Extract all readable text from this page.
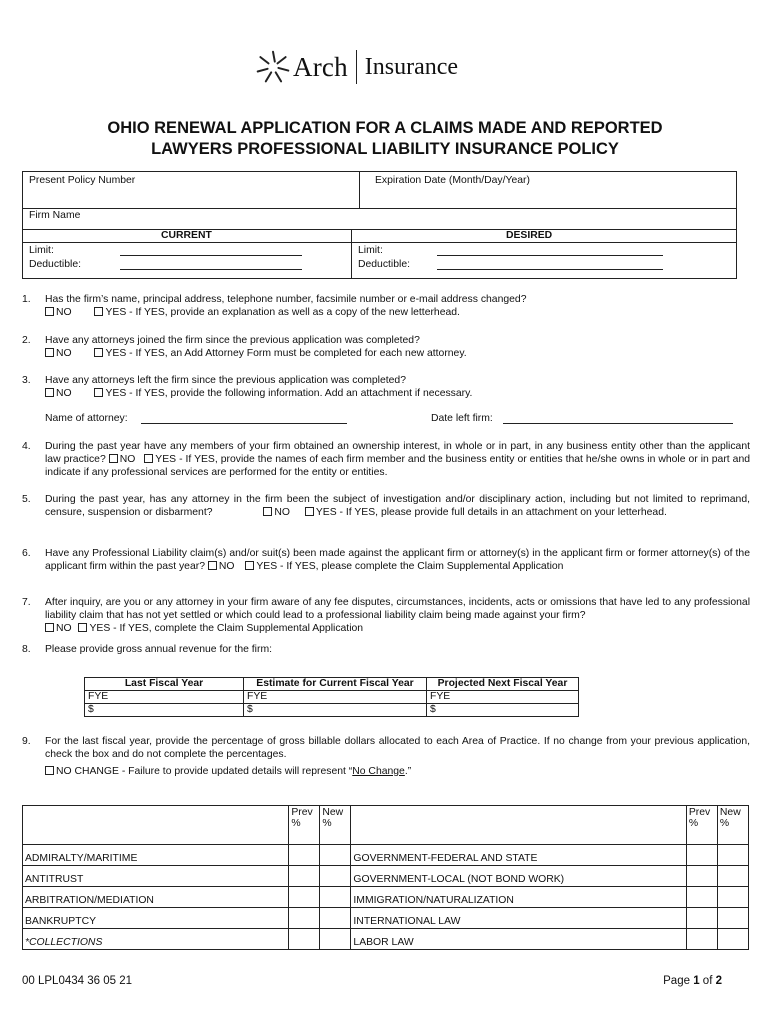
Arch Insurance
OHIO RENEWAL APPLICATION FOR A CLAIMS MADE AND REPORTED
LAWYERS PROFESSIONAL LIABILITY INSURANCE POLICY
Present Policy Number	Expiration Date (Month/Day/Year)
Firm Name
CURRENT	DESIRED
Limit:
Deductible:
Limit:
Deductible:
1. Has the firm’s name, principal address, telephone number, facsimile number or e-mail address changed?
NO	YES - If YES, provide an explanation as well as a copy of the new letterhead.
2. Have any attorneys joined the firm since the previous application was completed?
NO	YES - If YES, an Add Attorney Form must be completed for each new attorney.
3. Have any attorneys left the firm since the previous application was completed?
NO	YES - If YES, provide the following information. Add an attachment if necessary.
Name of attorney:	Date left firm:
4. During the past year have any members of your firm obtained an ownership interest, in whole or in part, in any business entity other than the applicant law practice? NO YES - If YES, provide the names of each firm member and the business entity or entities that he/she owns in whole or in part and indicate if any professional services are performed for the entity or entities.
5. During the past year, has any attorney in the firm been the subject of investigation and/or disciplinary action, including but not limited to reprimand, censure, suspension or disbarment?	NO YES - If YES, please provide full details in an attachment on your letterhead.
6. Have any Professional Liability claim(s) and/or suit(s) been made against the applicant firm or attorney(s) in the applicant firm or former attorney(s) of the applicant firm within the past year? NO YES - If YES, please complete the Claim Supplemental Application
7. After inquiry, are you or any attorney in your firm aware of any fee disputes, circumstances, incidents, acts or omissions that have led to any professional liability claim that has not yet settled or which could lead to a professional liability claim being made against your firm?
NO YES - If YES, complete the Claim Supplemental Application
8. Please provide gross annual revenue for the firm:
Last Fiscal Year	Estimate for Current Fiscal Year	Projected Next Fiscal Year
FYE	FYE	FYE
$	$	$
9. For the last fiscal year, provide the percentage of gross billable dollars allocated to each Area of Practice. If no change from your previous application, check the box and do not complete the percentages.
NO CHANGE - Failure to provide updated details will represent “No Change.”
	Prev %	New %		Prev %	New %
ADMIRALTY/MARITIME			GOVERNMENT-FEDERAL AND STATE		
ANTITRUST			GOVERNMENT-LOCAL (NOT BOND WORK)		
ARBITRATION/MEDIATION			IMMIGRATION/NATURALIZATION		
BANKRUPTCY			INTERNATIONAL LAW		
*COLLECTIONS			LABOR LAW		
00 LPL0434 36 05 21	Page 1 of 2
